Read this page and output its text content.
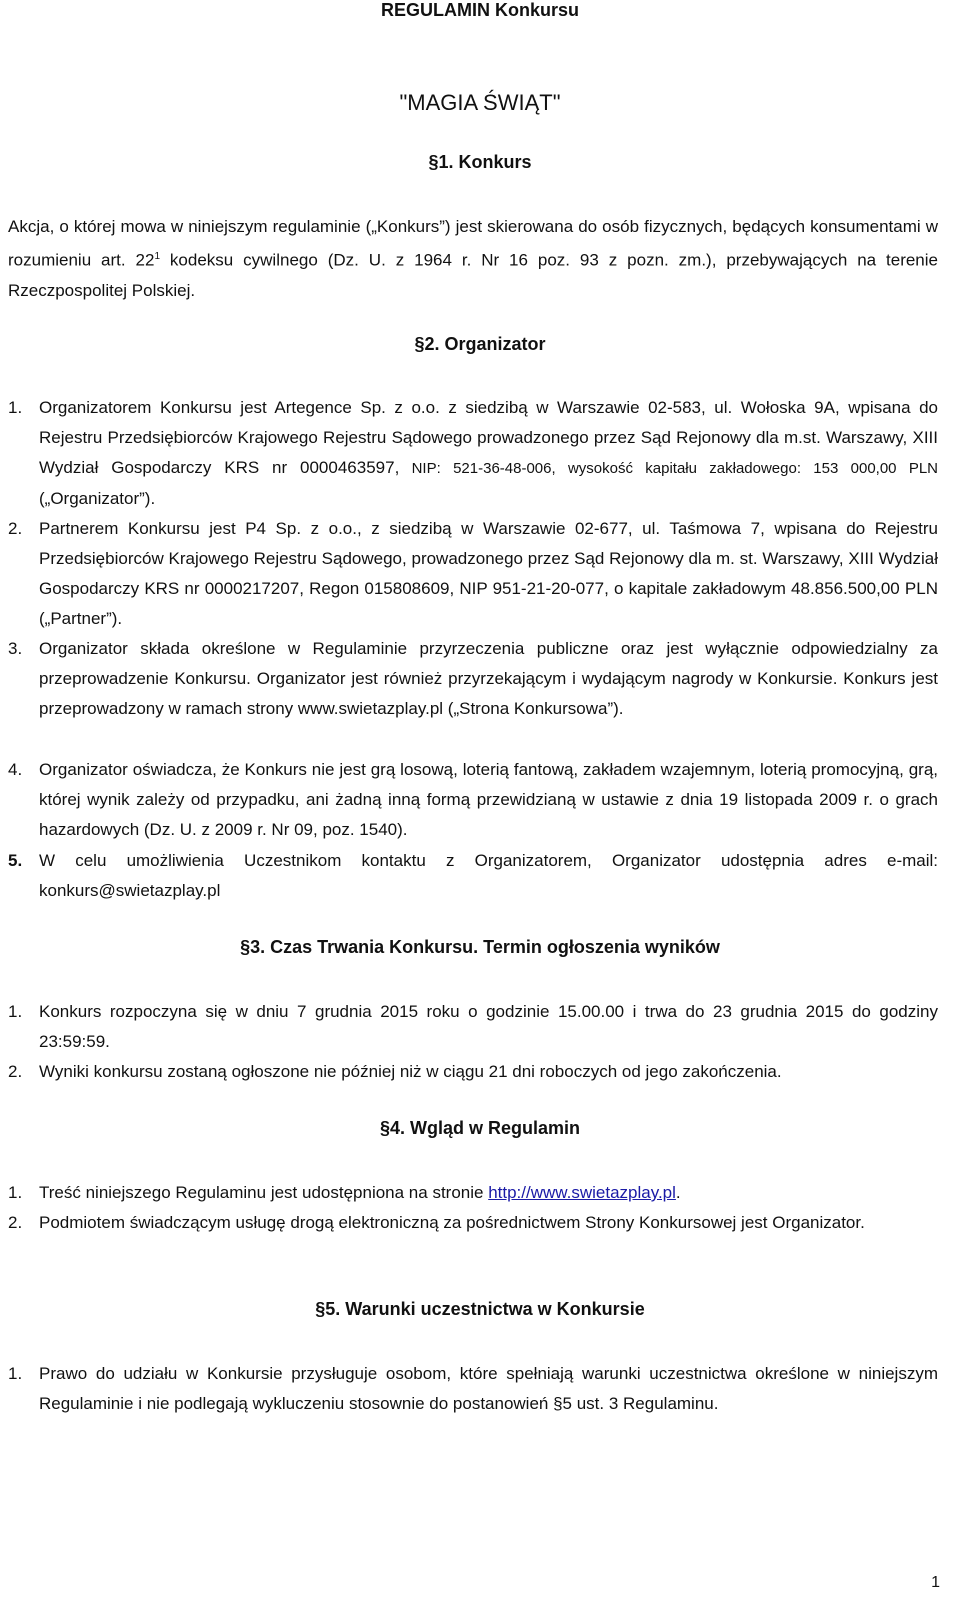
REGULAMIN Konkursu
"MAGIA ŚWIĄT"
§1. Konkurs

Akcja, o której mowa w niniejszym regulaminie („Konkurs”) jest skierowana do osób fizycznych, będących konsumentami w rozumieniu art. $22^1$ kodeksu cywilnego (Dz. U. z 1964 r. Nr 16 poz. 93 z pozn. zm.), przebywających na terenie Rzeczpospolitej Polskiej.

§2. Organizator
1. Organizatorem Konkursu jest Artegence Sp. z o.o. z siedzibą w Warszawie 02-583, ul. Wołoska 9A, wpisana do Rejestru Przedsiębiorców Krajowego Rejestru Sądowego prowadzonego przez Sąd Rejonowy dla m.st. Warszawy, XIII Wydział Gospodarczy KRS nr 0000463597, NIP: 521-36-48-006, wysokość kapitału zakładowego: 153 000,00 PLN („Organizator”).
2. Partnerem Konkursu jest P4 Sp. z o.o., z siedzibą w Warszawie 02-677, ul. Taśmowa 7, wpisana do Rejestru Przedsiębiorców Krajowego Rejestru Sądowego, prowadzonego przez Sąd Rejonowy dla m. st. Warszawy, XIII Wydział Gospodarczy KRS nr 0000217207, Regon 015808609, NIP 951-21-20-077, o kapitale zakładowym 48.856.500,00 PLN („Partner”).
3. Organizator składa określone w Regulaminie przyrzeczenia publiczne oraz jest wyłącznie odpowiedzialny za przeprowadzenie Konkursu. Organizator jest również przyrzekającym i wydającym nagrody w Konkursie. Konkurs jest przeprowadzony w ramach strony www.swietazplay.pl („Strona Konkursowa”).
4. Organizator oświadcza, że Konkurs nie jest grą losową, loterią fantową, zakładem wzajemnym, loterią promocyjną, grą, której wynik zależy od przypadku, ani żadną inną formą przewidzianą w ustawie z dnia 19 listopada 2009 r. o grach hazardowych (Dz. U. z 2009 r. Nr 09, poz. 1540).
5. W celu umożliwienia Uczestnikom kontaktu z Organizatorem, Organizator udostępnia adres e-mail: konkurs@swietazplay.pl
§3. Czas Trwania Konkursu. Termin ogłoszenia wyników
1. Konkurs rozpoczyna się w dniu 7 grudnia 2015 roku o godzinie 15.00.00 i trwa do 23 grudnia 2015 do godziny 23:59:59.
2. Wyniki konkursu zostaną ogłoszone nie później niż w ciągu 21 dni roboczych od jego zakończenia.
§4. Wgląd w Regulamin
1. Treść niniejszego Regulaminu jest udostępniona na stronie http://www.swietazplay.pl.
2. Podmiotem świadczącym usługę drogą elektroniczną za pośrednictwem Strony Konkursowej jest Organizator.
§5. Warunki uczestnictwa w Konkursie
1. Prawo do udziału w Konkursie przysługuje osobom, które spełniają warunki uczestnictwa określone w niniejszym Regulaminie i nie podlegają wykluczeniu stosownie do postanowień §5 ust. 3 Regulaminu.
1
